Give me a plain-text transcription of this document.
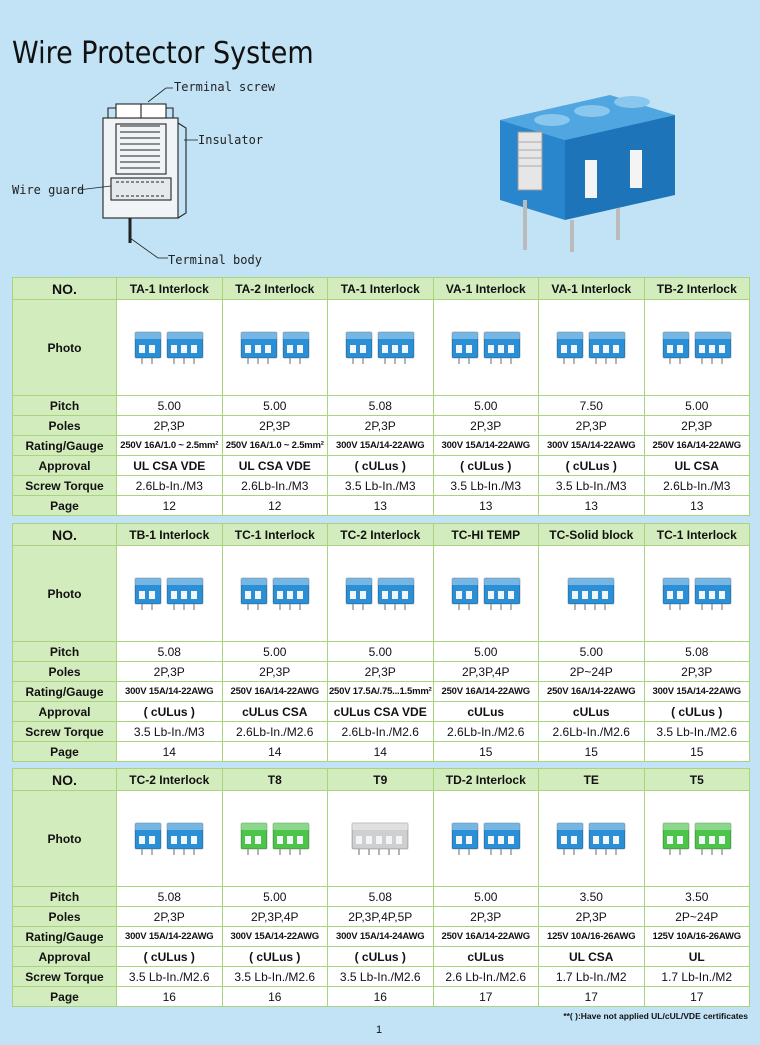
Wire Protector System
Terminal screw
Insulator
Wire guard
Terminal body
NO.	TA-1 Interlock	TA-2 Interlock	TA-1 Interlock	VA-1 Interlock	VA-1 Interlock	TB-2 Interlock
Photo	

Pitch	5.00	5.00	5.08	5.00	7.50	5.00
Poles	2P,3P	2P,3P	2P,3P	2P,3P	2P,3P	2P,3P
Rating/Gauge	250V 16A/1.0 ~ 2.5mm²	250V 16A/1.0 ~ 2.5mm²	300V 15A/14-22AWG	300V 15A/14-22AWG	300V 15A/14-22AWG	250V 16A/14-22AWG
Approval	UL CSA VDE	UL CSA VDE	( cULus )	( cULus )	( cULus )	UL CSA
Screw Torque	2.6Lb-In./M3	2.6Lb-In./M3	3.5 Lb-In./M3	3.5 Lb-In./M3	3.5 Lb-In./M3	2.6Lb-In./M3
Page	12	12	13	13	13	13
NO.	TB-1 Interlock	TC-1 Interlock	TC-2 Interlock	TC-HI TEMP	TC-Solid block	TC-1 Interlock
Photo	

Pitch	5.08	5.00	5.00	5.00	5.00	5.08
Poles	2P,3P	2P,3P	2P,3P	2P,3P,4P	2P~24P	2P,3P
Rating/Gauge	300V 15A/14-22AWG	250V 16A/14-22AWG	250V 17.5A/.75...1.5mm²	250V 16A/14-22AWG	250V 16A/14-22AWG	300V 15A/14-22AWG
Approval	( cULus )	cULus CSA	cULus CSA VDE	cULus	cULus	( cULus )
Screw Torque	3.5 Lb-In./M3	2.6Lb-In./M2.6	2.6Lb-In./M2.6	2.6Lb-In./M2.6	2.6Lb-In./M2.6	3.5 Lb-In./M2.6
Page	14	14	14	15	15	15
NO.	TC-2 Interlock	T8	T9	TD-2 Interlock	TE	T5
Photo	

Pitch	5.08	5.00	5.08	5.00	3.50	3.50
Poles	2P,3P	2P,3P,4P	2P,3P,4P,5P	2P,3P	2P,3P	2P~24P
Rating/Gauge	300V 15A/14-22AWG	300V 15A/14-22AWG	300V 15A/14-24AWG	250V 16A/14-22AWG	125V 10A/16-26AWG	125V 10A/16-26AWG
Approval	( cULus )	( cULus )	( cULus )	cULus	UL CSA	UL
Screw Torque	3.5 Lb-In./M2.6	3.5 Lb-In./M2.6	3.5 Lb-In./M2.6	2.6 Lb-In./M2.6	1.7 Lb-In./M2	1.7 Lb-In./M2
Page	16	16	16	17	17	17
**( ):Have not applied UL/cUL/VDE certificates
1
